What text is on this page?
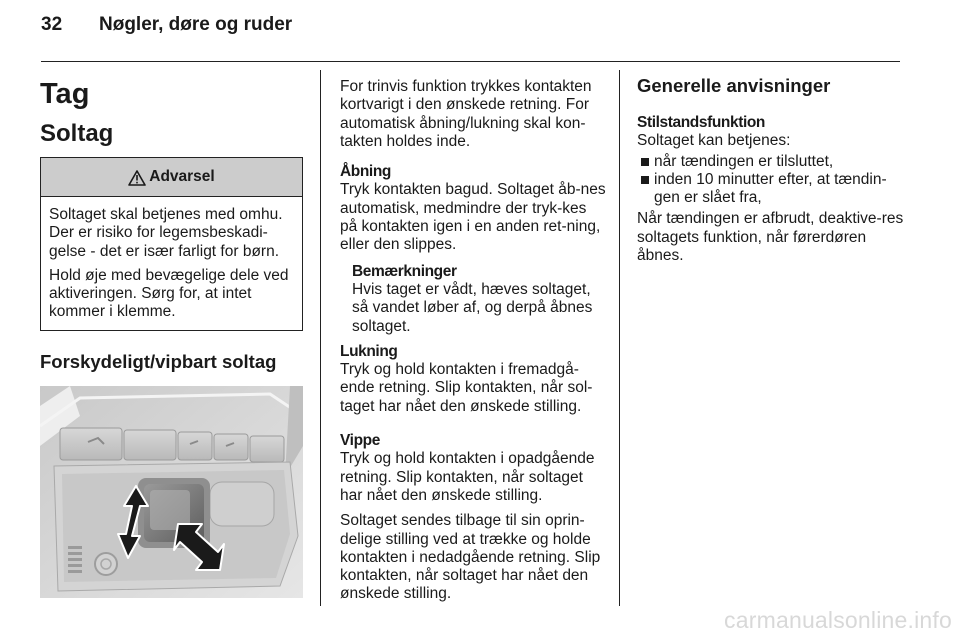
32	Nøgler, døre og ruder
Tag
Soltag
Advarsel

Soltaget skal betjenes med omhu. Der er risiko for legemsbeskadi-gelse - det er især farligt for børn.

Hold øje med bevægelige dele ved aktiveringen. Sørg for, at intet kommer i klemme.

Forskydeligt/vipbart soltag

For trinvis funktion trykkes kontakten kortvarigt i den ønskede retning. For automatisk åbning/lukning skal kon-takten holdes inde.

Åbning

Tryk kontakten bagud. Soltaget åb-nes automatisk, medmindre der tryk-kes på kontakten igen i en anden ret-ning, eller den slippes.

Bemærkninger

Hvis taget er vådt, hæves soltaget, så vandet løber af, og derpå åbnes soltaget.

Lukning

Tryk og hold kontakten i fremadgå-ende retning. Slip kontakten, når sol-taget har nået den ønskede stilling.

Vippe

Tryk og hold kontakten i opadgående retning. Slip kontakten, når soltaget har nået den ønskede stilling.

Soltaget sendes tilbage til sin oprin-delige stilling ved at trække og holde kontakten i nedadgående retning. Slip kontakten, når soltaget har nået den ønskede stilling.

Generelle anvisninger

Stilstandsfunktion

Soltaget kan betjenes:

når tændingen er tilsluttet,
inden 10 minutter efter, at tændin-gen er slået fra,

Når tændingen er afbrudt, deaktive-res soltagets funktion, når førerdøren åbnes.

carmanualsonline.info
